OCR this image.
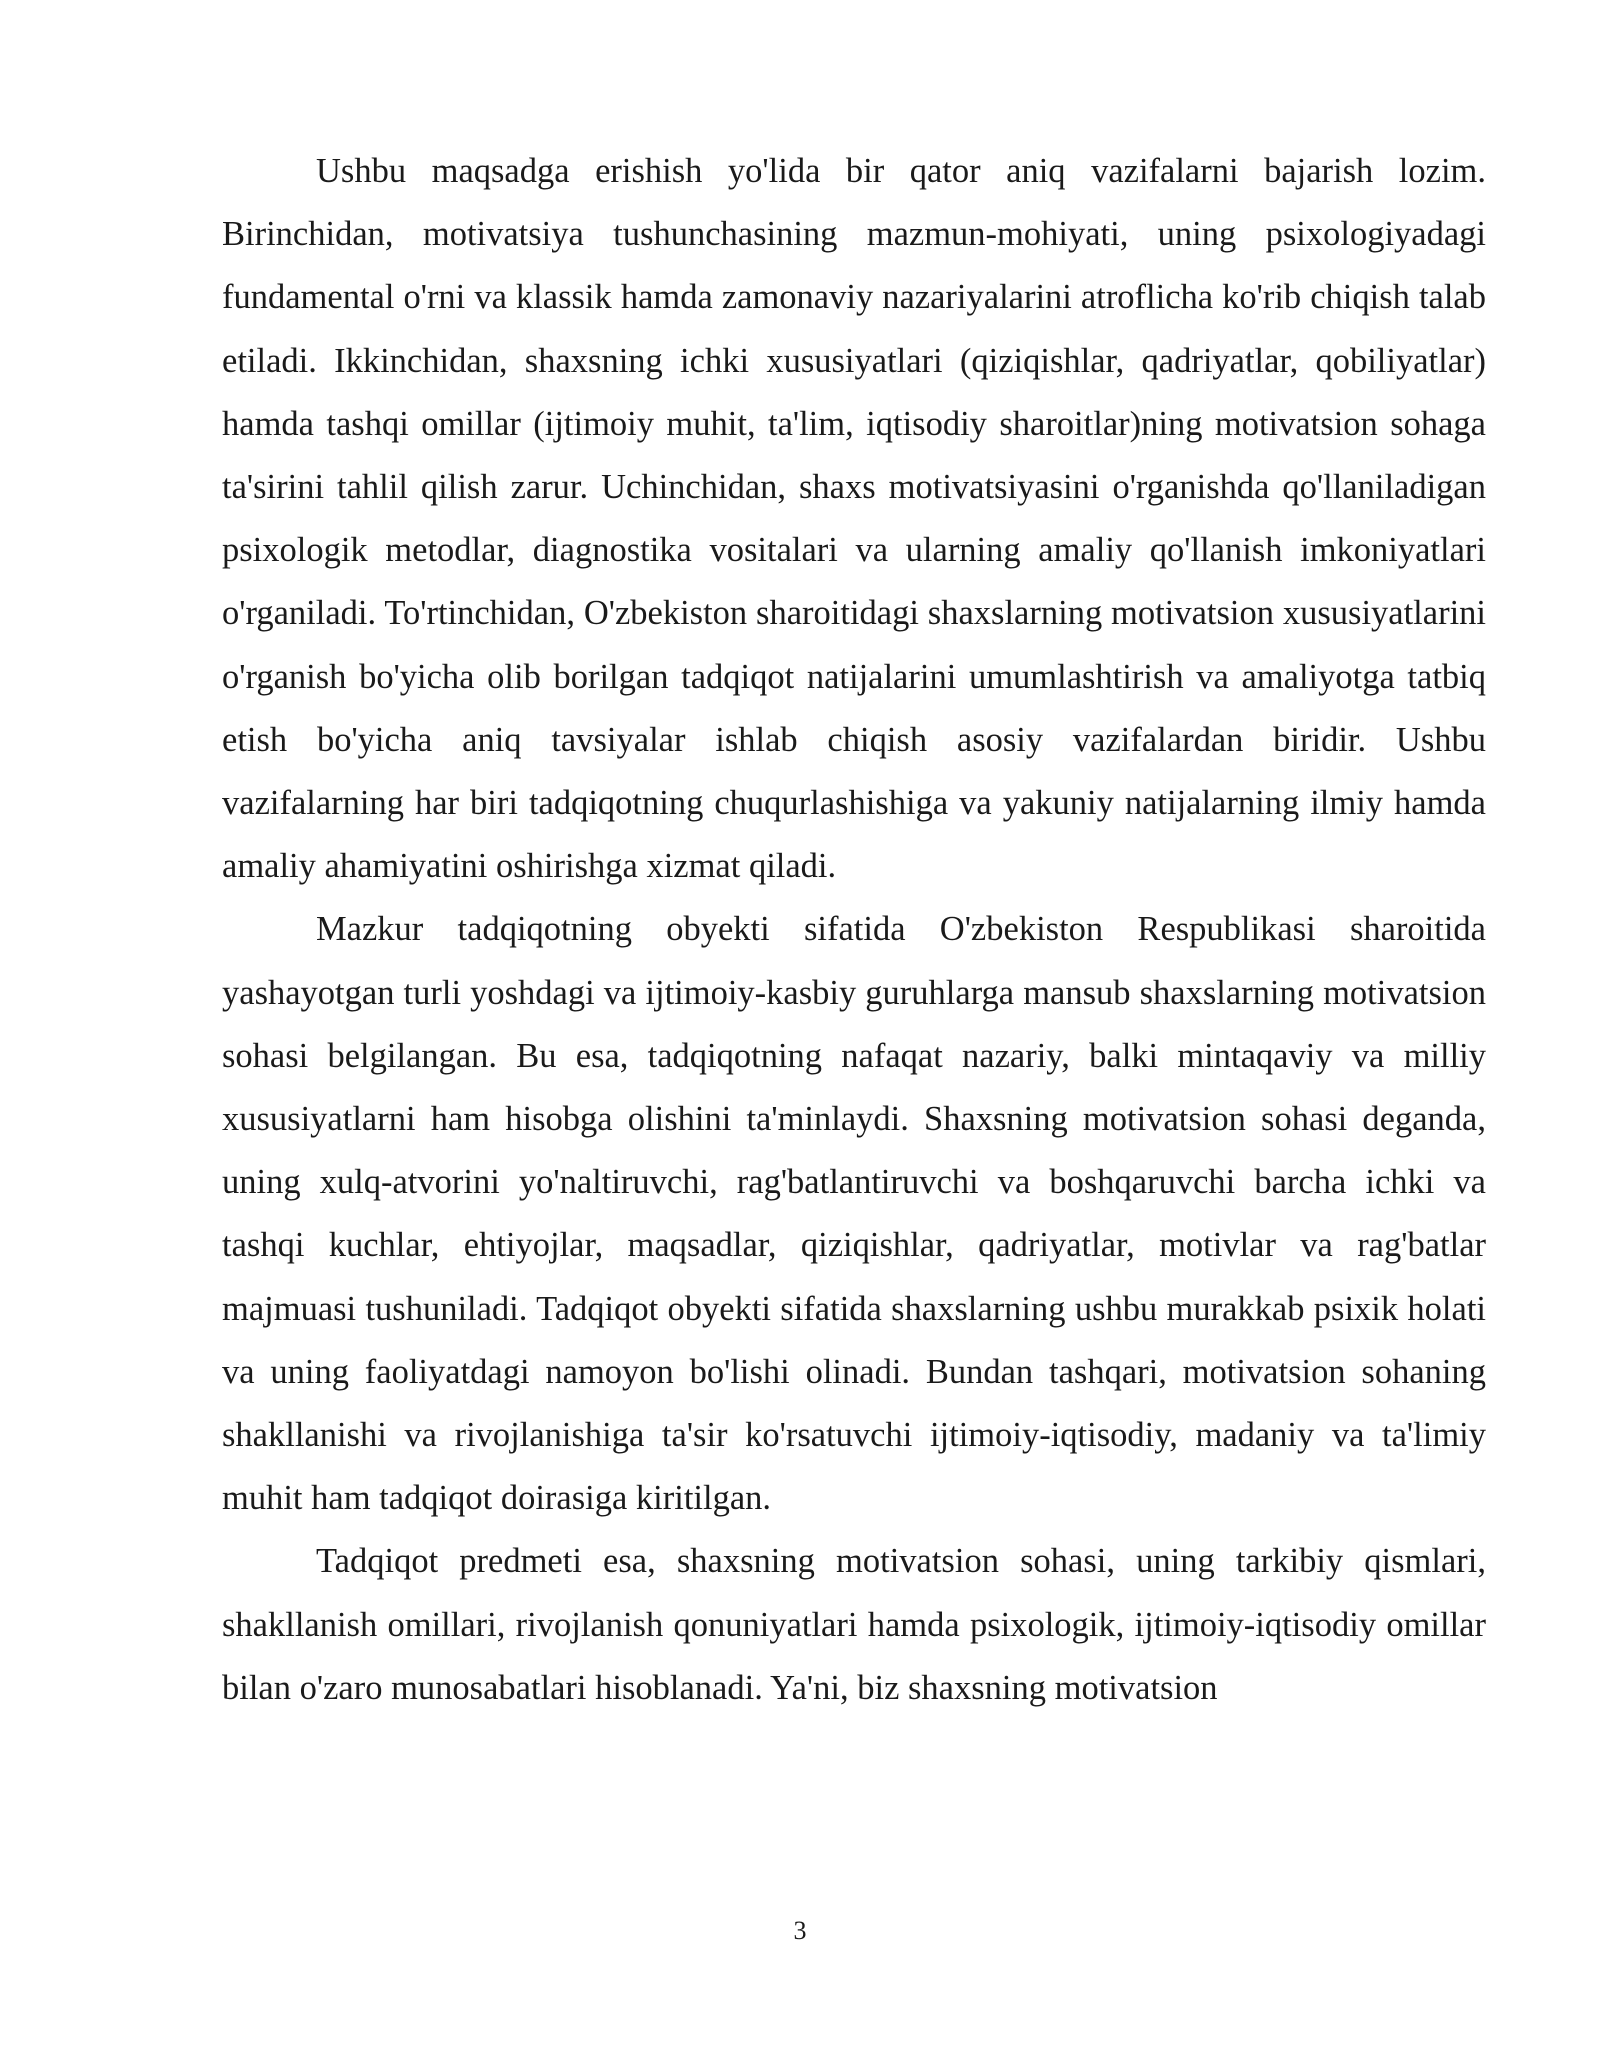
Ushbu maqsadga erishish yo'lida bir qator aniq vazifalarni bajarish lozim. Birinchidan, motivatsiya tushunchasining mazmun-mohiyati, uning psixologiyadagi fundamental o'rni va klassik hamda zamonaviy nazariyalarini atroflicha ko'rib chiqish talab etiladi. Ikkinchidan, shaxsning ichki xususiyatlari (qiziqishlar, qadriyatlar, qobiliyatlar) hamda tashqi omillar (ijtimoiy muhit, ta'lim, iqtisodiy sharoitlar)ning motivatsion sohaga ta'sirini tahlil qilish zarur. Uchinchidan, shaxs motivatsiyasini o'rganishda qo'llaniladigan psixologik metodlar, diagnostika vositalari va ularning amaliy qo'llanish imkoniyatlari o'rganiladi. To'rtinchidan, O'zbekiston sharoitidagi shaxslarning motivatsion xususiyatlarini o'rganish bo'yicha olib borilgan tadqiqot natijalarini umumlashtirish va amaliyotga tatbiq etish bo'yicha aniq tavsiyalar ishlab chiqish asosiy vazifalardan biridir. Ushbu vazifalarning har biri tadqiqotning chuqurlashishiga va yakuniy natijalarning ilmiy hamda amaliy ahamiyatini oshirishga xizmat qiladi.

Mazkur tadqiqotning obyekti sifatida O'zbekiston Respublikasi sharoitida yashayotgan turli yoshdagi va ijtimoiy-kasbiy guruhlarga mansub shaxslarning motivatsion sohasi belgilangan. Bu esa, tadqiqotning nafaqat nazariy, balki mintaqaviy va milliy xususiyatlarni ham hisobga olishini ta'minlaydi. Shaxsning motivatsion sohasi deganda, uning xulq-atvorini yo'naltiruvchi, rag'batlantiruvchi va boshqaruvchi barcha ichki va tashqi kuchlar, ehtiyojlar, maqsadlar, qiziqishlar, qadriyatlar, motivlar va rag'batlar majmuasi tushuniladi. Tadqiqot obyekti sifatida shaxslarning ushbu murakkab psixik holati va uning faoliyatdagi namoyon bo'lishi olinadi. Bundan tashqari, motivatsion sohaning shakllanishi va rivojlanishiga ta'sir ko'rsatuvchi ijtimoiy-iqtisodiy, madaniy va ta'limiy muhit ham tadqiqot doirasiga kiritilgan.

Tadqiqot predmeti esa, shaxsning motivatsion sohasi, uning tarkibiy qismlari, shakllanish omillari, rivojlanish qonuniyatlari hamda psixologik, ijtimoiy-iqtisodiy omillar bilan o'zaro munosabatlari hisoblanadi. Ya'ni, biz shaxsning motivatsion

3
